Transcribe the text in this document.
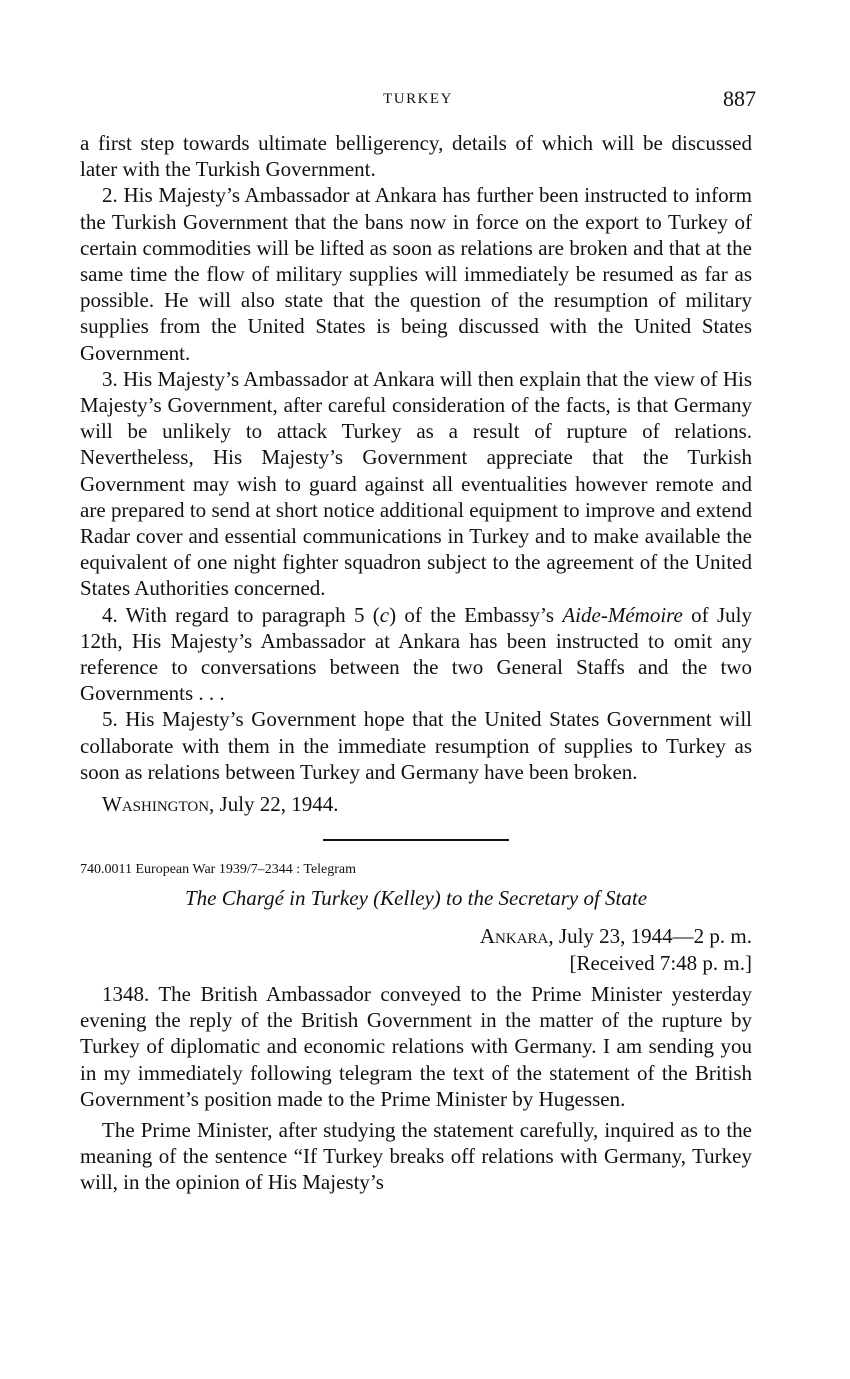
TURKEY	887

a first step towards ultimate belligerency, details of which will be discussed later with the Turkish Government.

2. His Majesty’s Ambassador at Ankara has further been instructed to inform the Turkish Government that the bans now in force on the export to Turkey of certain commodities will be lifted as soon as relations are broken and that at the same time the flow of military supplies will immediately be resumed as far as possible. He will also state that the question of the resumption of military supplies from the United States is being discussed with the United States Government.

3. His Majesty’s Ambassador at Ankara will then explain that the view of His Majesty’s Government, after careful consideration of the facts, is that Germany will be unlikely to attack Turkey as a result of rupture of relations. Nevertheless, His Majesty’s Government appreciate that the Turkish Government may wish to guard against all eventualities however remote and are prepared to send at short notice additional equipment to improve and extend Radar cover and essential communications in Turkey and to make available the equivalent of one night fighter squadron subject to the agreement of the United States Authorities concerned.

4. With regard to paragraph 5 (c) of the Embassy’s Aide-Mémoire of July 12th, His Majesty’s Ambassador at Ankara has been instructed to omit any reference to conversations between the two General Staffs and the two Governments . . .

5. His Majesty’s Government hope that the United States Government will collaborate with them in the immediate resumption of supplies to Turkey as soon as relations between Turkey and Germany have been broken.

Washington, July 22, 1944.

740.0011 European War 1939/7–2344 : Telegram

The Chargé in Turkey (Kelley) to the Secretary of State

Ankara, July 23, 1944—2 p. m.

[Received 7:48 p. m.]

1348. The British Ambassador conveyed to the Prime Minister yesterday evening the reply of the British Government in the matter of the rupture by Turkey of diplomatic and economic relations with Germany. I am sending you in my immediately following telegram the text of the statement of the British Government’s position made to the Prime Minister by Hugessen.

The Prime Minister, after studying the statement carefully, inquired as to the meaning of the sentence “If Turkey breaks off relations with Germany, Turkey will, in the opinion of His Majesty’s
